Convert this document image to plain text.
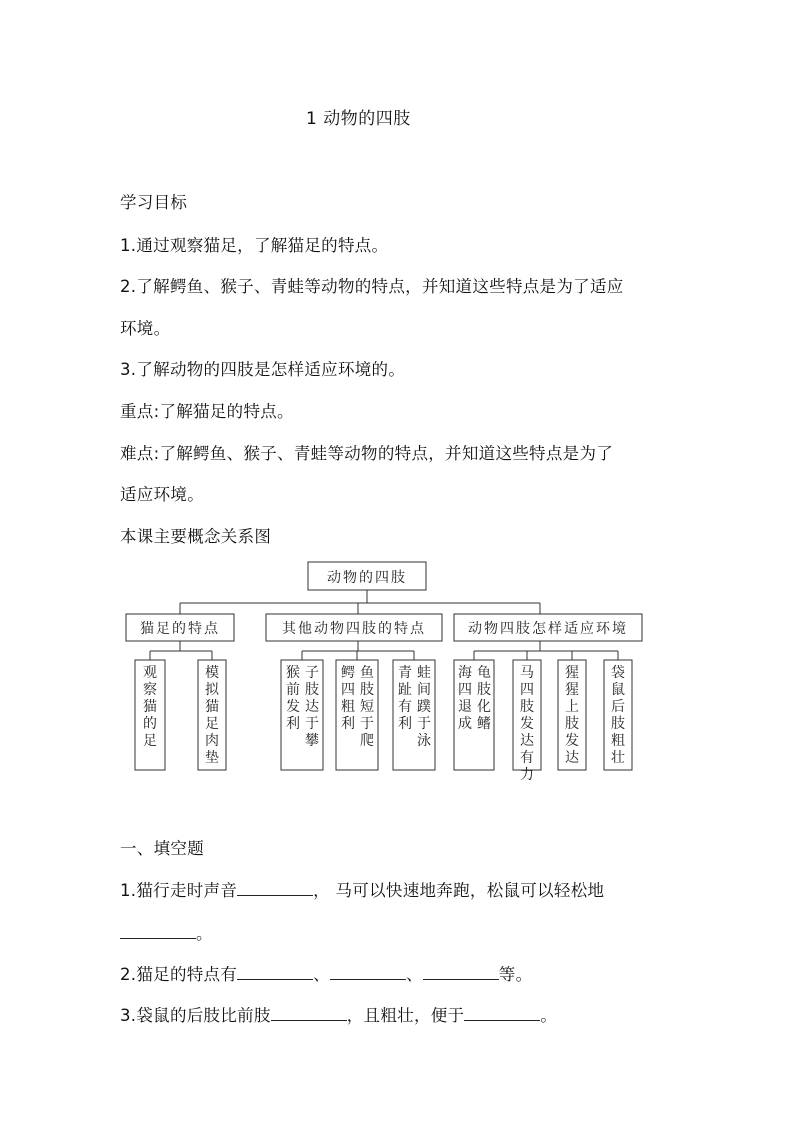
1 动物的四肢
学习目标
1.通过观察猫足，了解猫足的特点。
2.了解鳄鱼、猴子、青蛙等动物的特点，并知道这些特点是为了适应
环境。
3.了解动物的四肢是怎样适应环境的。
重点:了解猫足的特点。
难点:了解鳄鱼、猴子、青蛙等动物的特点，并知道这些特点是为了
适应环境。
本课主要概念关系图
动物的四肢
猫足的特点	其他动物四肢的特点	动物四肢怎样适应环境
观察猫的足
模拟猫足肉垫
猴前发利
子肢达于攀
鳄四粗利
鱼肢短于爬
青趾有利
蛙间蹼于泳
海四退成
龟肢化鳍
马四肢发达有力
猩猩上肢发达
袋鼠后肢粗壮
一、填空题
1.猫行走时声音	， 马可以快速地奔跑，松鼠可以轻松地
。
2.猫足的特点有	、	、	等。
3.袋鼠的后肢比前肢	，且粗壮，便于	。
